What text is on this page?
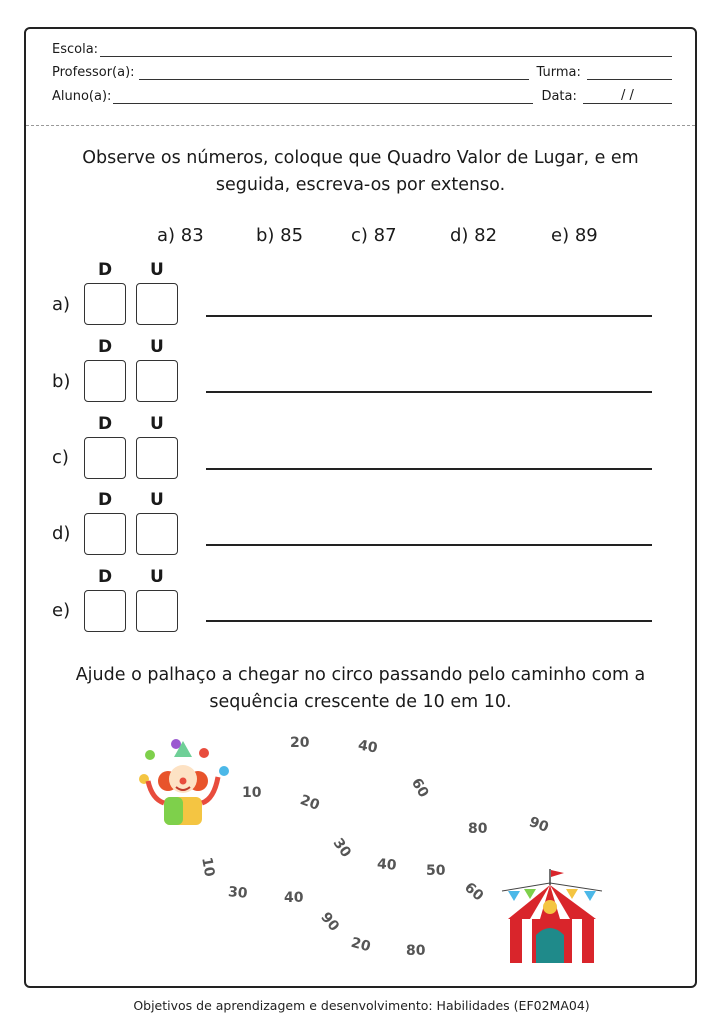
Escola:
Professor(a):	Turma:
Aluno(a):	Data:	/ /
Observe os números, coloque que Quadro Valor de Lugar, e em
seguida, escreva-os por extenso.
a) 83	b) 85	c) 87	d) 82	e) 89
D U
a)
D U
b)
D U
c)
D U
d)
D U
e)
Ajude o palhaço a chegar no circo passando pelo caminho com a
sequência crescente de 10 em 10.
20	40
10	20
60
80	90
30
40 50
10
30	40	60
90
20 80
Objetivos de aprendizagem e desenvolvimento: Habilidades (EF02MA04)
